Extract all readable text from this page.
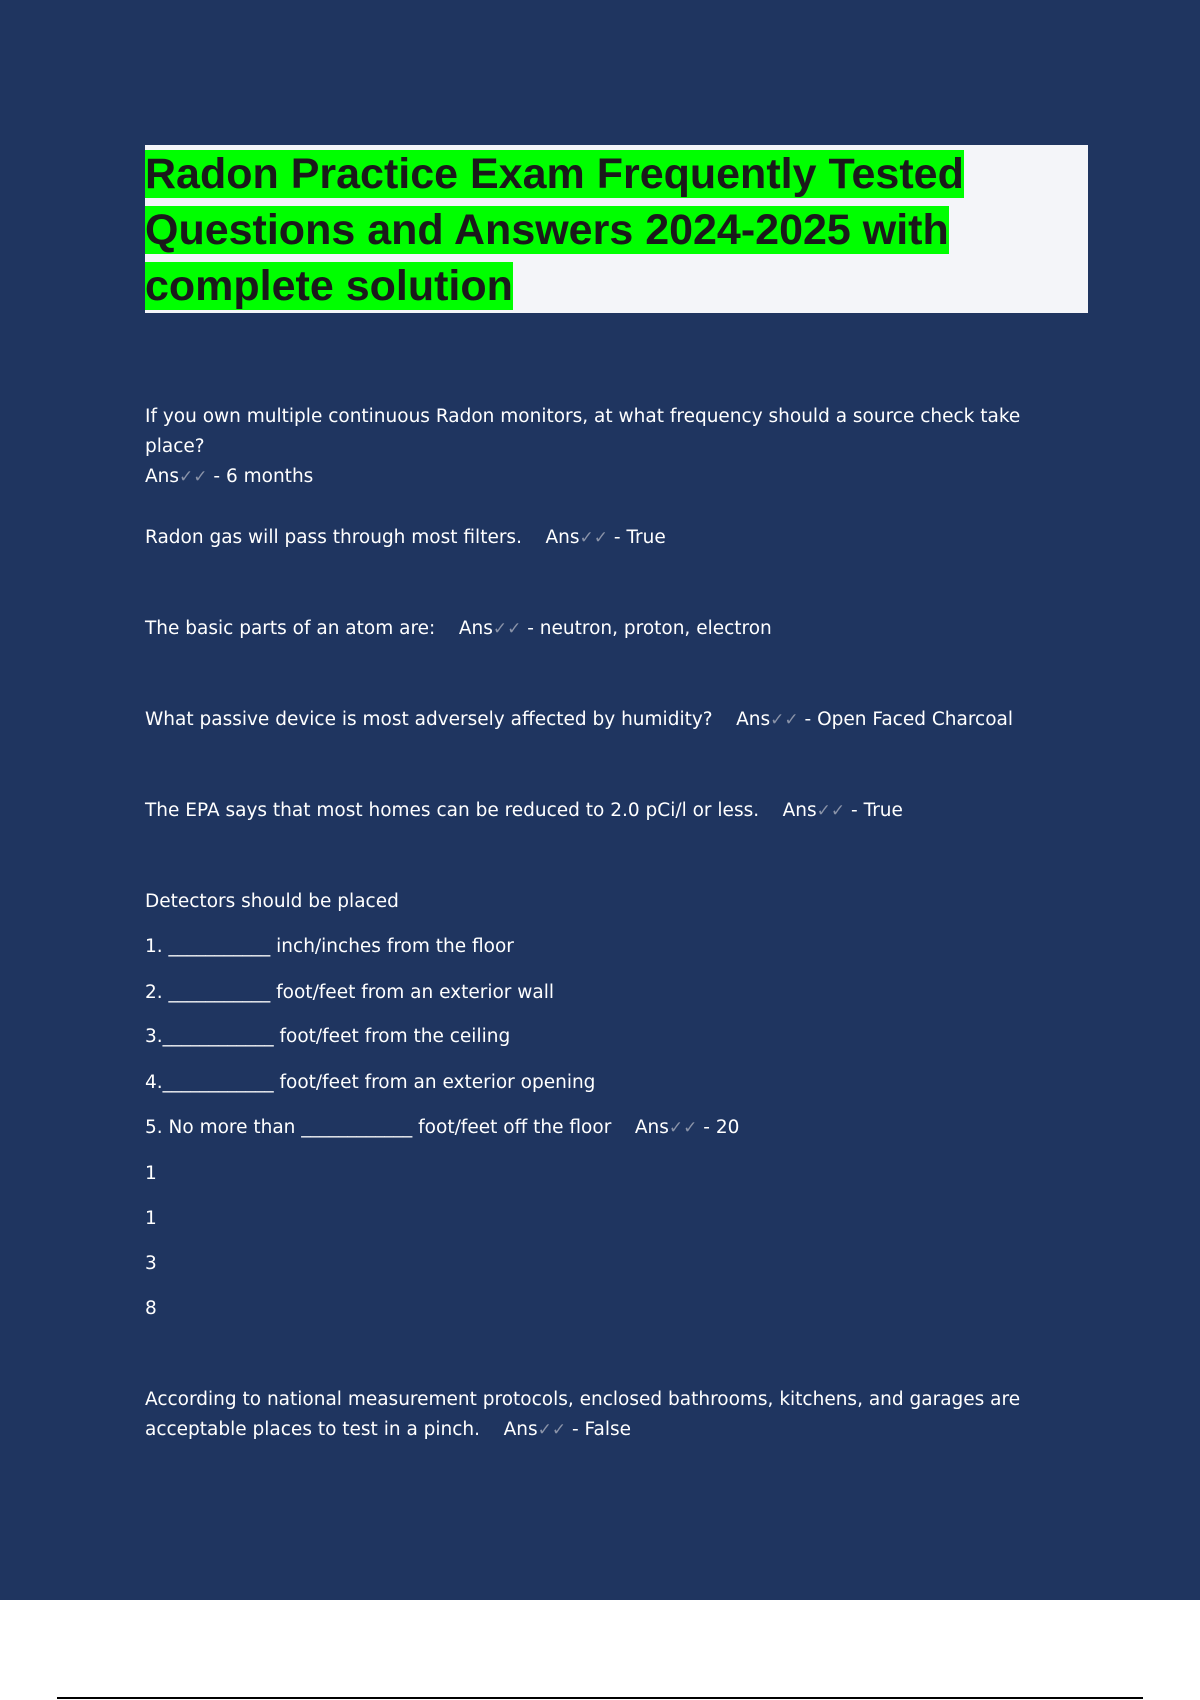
Radon Practice Exam Frequently Tested Questions and Answers 2024-2025 with complete solution

If you own multiple continuous Radon monitors, at what frequency should a source check take place?
Ans✓✓ - 6 months

Radon gas will pass through most filters. Ans✓✓ - True

The basic parts of an atom are: Ans✓✓ - neutron, proton, electron

What passive device is most adversely affected by humidity? Ans✓✓ - Open Faced Charcoal

The EPA says that most homes can be reduced to 2.0 pCi/l or less. Ans✓✓ - True

Detectors should be placed

1. ___________ inch/inches from the floor

2. ___________ foot/feet from an exterior wall

3.____________ foot/feet from the ceiling

4.____________ foot/feet from an exterior opening

5. No more than ____________ foot/feet off the floor Ans✓✓ - 20

1

1

3

8

According to national measurement protocols, enclosed bathrooms, kitchens, and garages are acceptable places to test in a pinch. Ans✓✓ - False
